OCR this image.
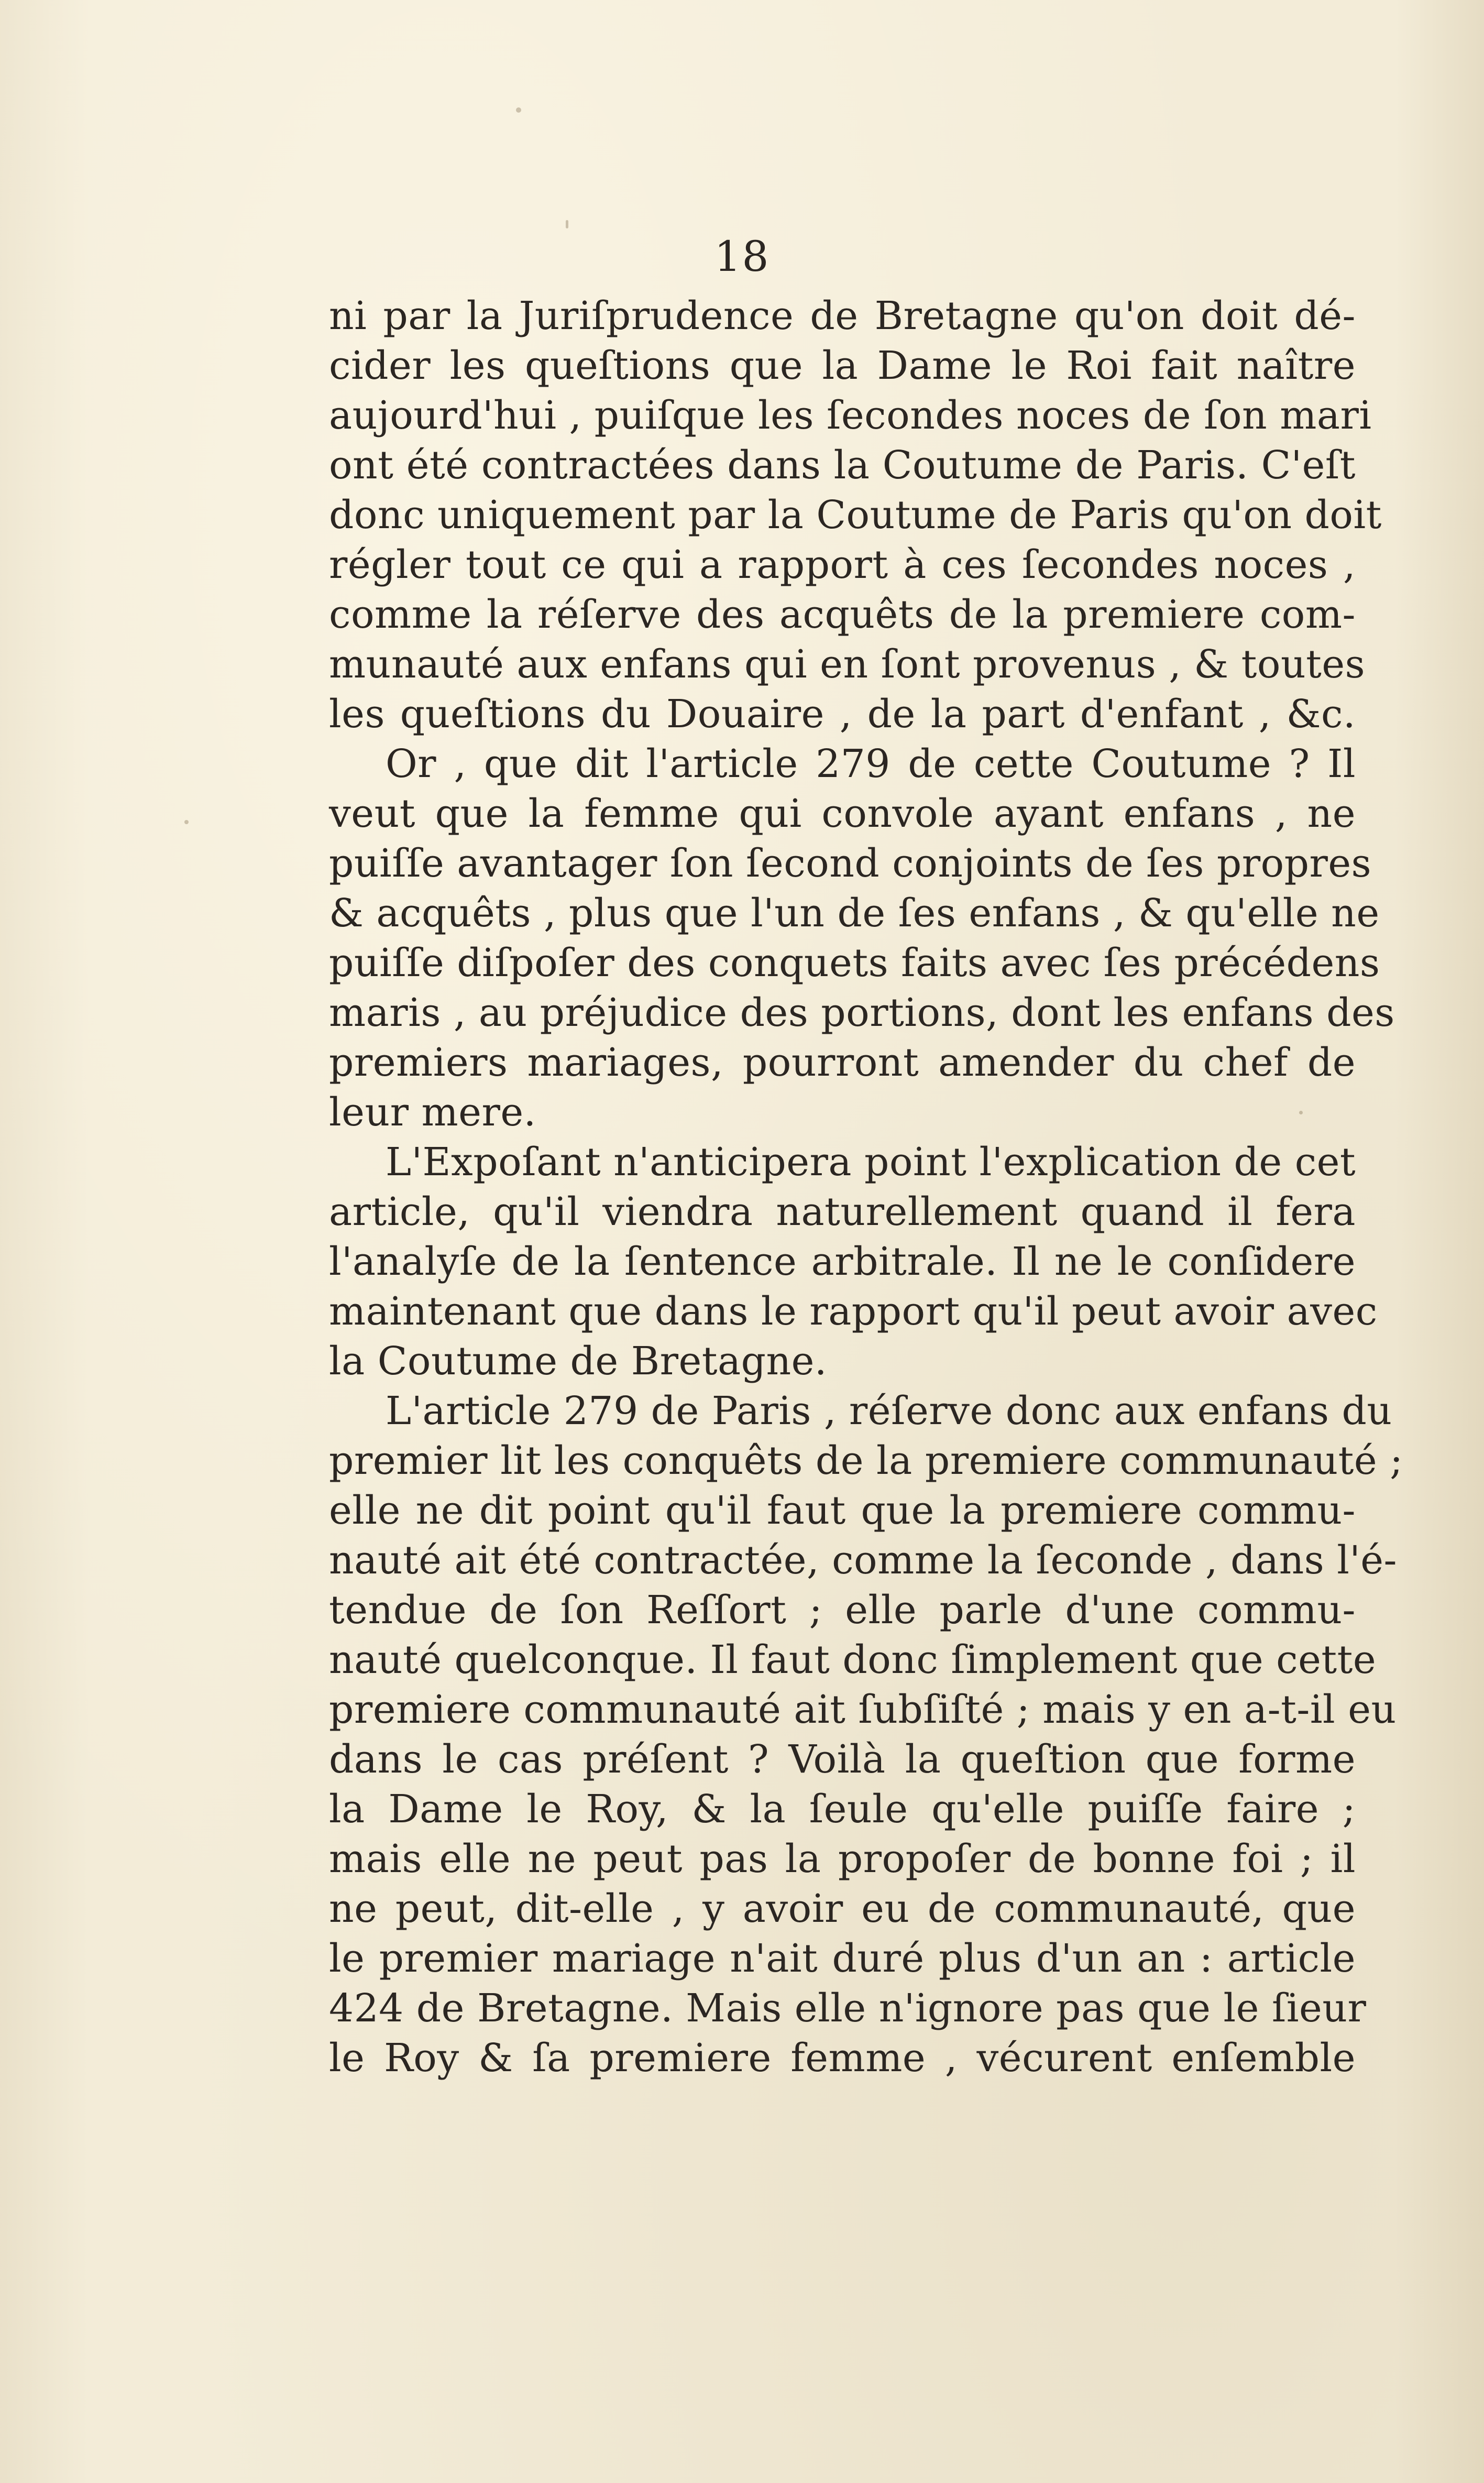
18
ni par la Juriſprudence de Bretagne qu'on doit dé-
cider les queſtions que la Dame le Roi fait naître
aujourd'hui , puiſque les ſecondes noces de ſon mari
ont été contractées dans la Coutume de Paris. C'eſt
donc uniquement par la Coutume de Paris qu'on doit
régler tout ce qui a rapport à ces ſecondes noces ,
comme la réſerve des acquêts de la premiere com-
munauté aux enfans qui en ſont provenus , & toutes
les queſtions du Douaire , de la part d'enfant , &c.
Or , que dit l'article 279 de cette Coutume ? Il
veut que la femme qui convole ayant enfans , ne
puiſſe avantager ſon ſecond conjoints de ſes propres
& acquêts , plus que l'un de ſes enfans , & qu'elle ne
puiſſe diſpoſer des conquets faits avec ſes précédens
maris , au préjudice des portions, dont les enfans des
premiers mariages, pourront amender du chef de
leur mere.
L'Expoſant n'anticipera point l'explication de cet
article, qu'il viendra naturellement quand il fera
l'analyſe de la ſentence arbitrale. Il ne le conſidere
maintenant que dans le rapport qu'il peut avoir avec
la Coutume de Bretagne.
L'article 279 de Paris , réſerve donc aux enfans du
premier lit les conquêts de la premiere communauté ;
elle ne dit point qu'il faut que la premiere commu-
nauté ait été contractée, comme la ſeconde , dans l'é-
tendue de ſon Reſſort ; elle parle d'une commu-
nauté quelconque. Il faut donc ſimplement que cette
premiere communauté ait ſubſiſté ; mais y en a-t-il eu
dans le cas préſent ? Voilà la queſtion que forme
la Dame le Roy, & la ſeule qu'elle puiſſe faire ;
mais elle ne peut pas la propoſer de bonne foi ; il
ne peut, dit-elle , y avoir eu de communauté, que
le premier mariage n'ait duré plus d'un an : article
424 de Bretagne. Mais elle n'ignore pas que le ſieur
le Roy & ſa premiere femme , vécurent enſemble
